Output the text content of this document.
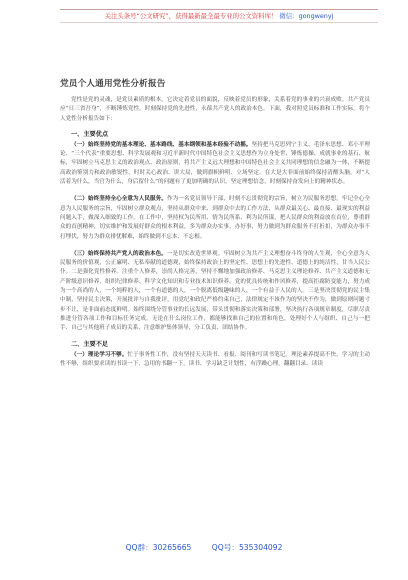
关注头条号“公文研究”，获得最新最全最专业的公文资料库！ 微信：gongwenyj
党员个人通用党性分析报告

党性是党的灵魂，是党员素质的根本。它决定着党员的面貌，反映着党员的形象，关系着党的事业的兴衰成败。共产党员应“日三省吾身”，不断锤炼党性，时刻保持党的先进性，永葆共产党人的政治本色。下面，我对照党员标准和工作实际，将个人党性分析报告如下：

一、主要优点

（一）始终坚持党的基本理论、基本路线、基本纲领和基本经验不动摇。坚持把马克思列宁主义、毛泽东思想、邓小平理论、“三个代表”重要思想、科学发展观和习近平新时代中国特色社会主义思想作为立身处世、锤炼德操、成就事业的基石、航标，牢固树立马克思主义的政治观点、政治原则，将共产主义远大理想和中国特色社会主义共同理想的信念融为一体，不断提高政治鉴别力和政治敏锐性，时时关心政治、讲大局，做到旗帜鲜明、立场坚定、在大是大非面前始终保持清醒头脑，对“人活着为什么，当官为什么，身后留什么”的问题有了更加明确的认识，坚定理想信念，时刻保持奋发向上的精神状态。

（二）始终坚持全心全意为人民服务。作为一名党员领导干部，时刻不忘贯彻党的宗旨，树立为民服务思想，牢记全心全意为人民服务的宗旨，牢固树立群众观点，坚持从群众中来、到群众中去的工作方法，从群众最关心、最直接、最现实的利益问题入手，做深入细致的工作。在工作中，坚持权为民所用、情为民所系、利为民所谋，把人民群众的利益放在首位，尊重群众的首创精神，切实维护和发展好群众的根本利益，多为群众办实事、办好事，努力做到为群众服务不打折扣，为群众办事不打埋伏，努力为群众排忧解难，始终做到不忘本、不忘根。

（三）始终保持共产党人的政治本色。一是切实改造世界观。牢固树立为共产主义理想奋斗终身的人生观，全心全意为人民服务的价值观，公正廉明、无私奉献的道德观，始终保持政治上的坚定性、思想上的先进性、道德上的纯洁性，甘当人民公仆。二是强化党性修养。注重个人修养，崇尚人格完善，坚持不懈地加强政治修养、马克思主义理论修养、共产主义道德和无产阶级意识修养、组织纪律修养、科学文化知识和专业技术知识修养。党的优良传统和作风修养，提高拒腐防变能力，努力成为一个高尚的人，一个纯粹的人，一个有道德的人，一个脱离低级趣味的人，一个有益于人民的人。三是坚决贯彻党的民主集中制，坚持民主决策，开展批评与自我批评，用党纪和政纪严格约束自己，法律规定不该作为的坚决不作为，做到原则问题寸步不让，是非面前态度鲜明。始终围绕分管事业的长远发展，带头贯彻和落实决策和部署，坚决执行各项规章制度，尽职尽责推进分管各项工作和目标任务完成。无论在什么岗位工作，都能够找准自己的位置和角色，处理好个人与组织、自己与一把手、自己与其他班子成员的关系，注意维护集体领导，分工负责、团结协作。

二、主要不足

（一）理论学习不够。忙于事务性工作，没有坚持天天读书、看报、阅刊和写读书笔记。理论素养提高不快，学习的主动性不够，组织要求读的书读一下，急用的书翻一下，读书、学习缺乏计划性，有浮躁心理，翻翻目录、读读

QQ群：30265665	QQ号：535304092
